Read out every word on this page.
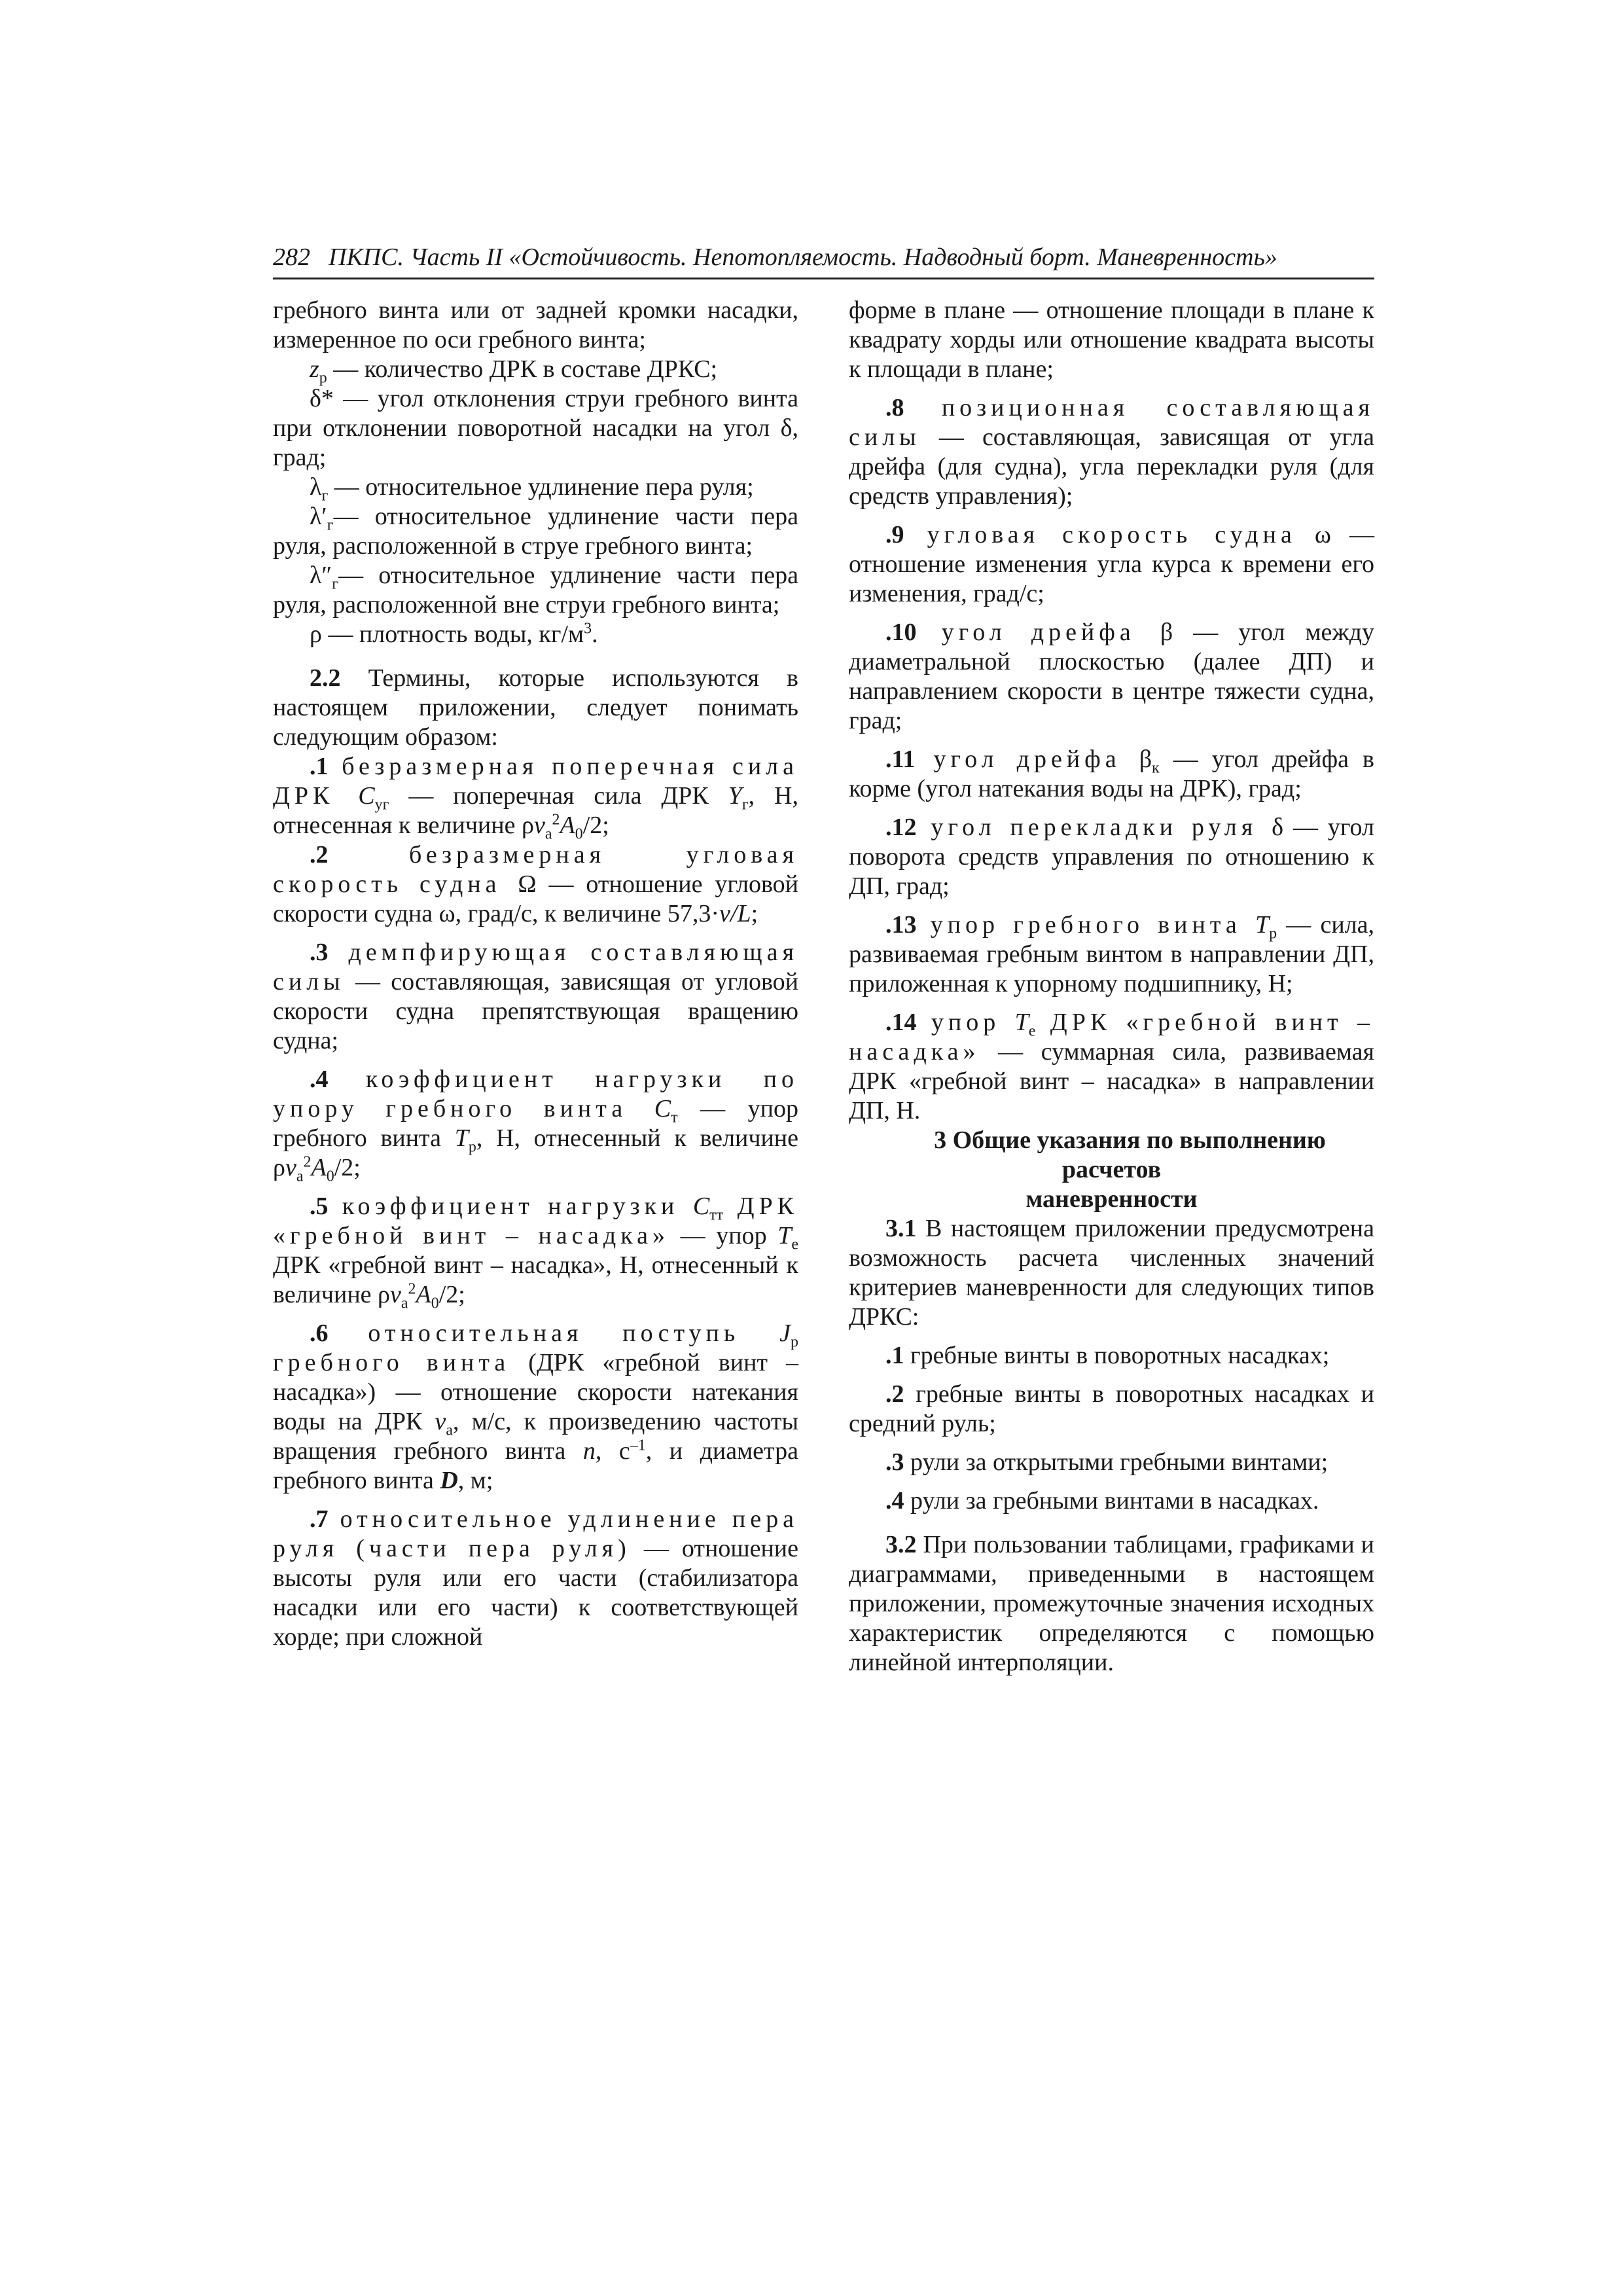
282 ПКПС. Часть II «Остойчивость. Непотопляемость. Надводный борт. Маневренность»

гребного винта или от задней кромки насадки, измеренное по оси гребного винта;

$z_р$ — количество ДРК в составе ДРКС;

δ* — угол отклонения струи гребного винта при отклонении поворотной насадки на угол δ, град;

$\lambda_г$ — относительное удлинение пера руля;

$\lambda'_г—$ относительное удлинение части пера руля, расположенной в струе гребного винта;

$\lambda''_г—$ относительное удлинение части пера руля, расположенной вне струи гребного винта;

ρ — плотность воды, $кг/м^3$.

2.2 Термины, которые используются в настоящем приложении, следует понимать следующим образом:

.1 безразмерная поперечная сила ДРК $C_{уг}$ — поперечная сила ДРК $Y_г$, Н, отнесенная к величине $\rho v_а^2A_0/2$;

.2 безразмерная угловая скорость судна Ω — отношение угловой скорости судна ω, град/с, к величине 57,3·v/L;

.3 демпфирующая составляющая силы — составляющая, зависящая от угловой скорости судна препятствующая вращению судна;

.4 коэффициент нагрузки по упору гребного винта $C_т$ — упор гребного винта $T_р$, Н, отнесенный к величине $\rho v_а^2A_0/2$;

.5 коэффициент нагрузки $C_{тт}$ ДРК «гребной винт – насадка» — упор $T_е$ ДРК «гребной винт – насадка», Н, отнесенный к величине $\rho v_а^2A_0/2$;

.6 относительная поступь $J_р$ гребного винта (ДРК «гребной винт – насадка») — отношение скорости натекания воды на ДРК $v_а$, м/с, к произведению частоты вращения гребного винта n, $с^{-1}$, и диаметра гребного винта D, м;

.7 относительное удлинение пера руля (части пера руля) — отношение высоты руля или его части (стабилизатора насадки или его части) к соответствующей хорде; при сложной

форме в плане — отношение площади в плане к квадрату хорды или отношение квадрата высоты к площади в плане;

.8 позиционная составляющая силы — составляющая, зависящая от угла дрейфа (для судна), угла перекладки руля (для средств управления);

.9 угловая скорость судна ω — отношение изменения угла курса к времени его изменения, град/с;

.10 угол дрейфа β — угол между диаметральной плоскостью (далее ДП) и направлением скорости в центре тяжести судна, град;

.11 угол дрейфа $\beta_к$ — угол дрейфа в корме (угол натекания воды на ДРК), град;

.12 угол перекладки руля δ — угол поворота средств управления по отношению к ДП, град;

.13 упор гребного винта $T_р$ — сила, развиваемая гребным винтом в направлении ДП, приложенная к упорному подшипнику, Н;

.14 упор $T_е$ ДРК «гребной винт – насадка» — суммарная сила, развиваемая ДРК «гребной винт – насадка» в направлении ДП, Н.

3 Общие указания по выполнению расчетов
маневренности

3.1 В настоящем приложении предусмотрена возможность расчета численных значений критериев маневренности для следующих типов ДРКС:

.1 гребные винты в поворотных насадках;

.2 гребные винты в поворотных насадках и средний руль;

.3 рули за открытыми гребными винтами;

.4 рули за гребными винтами в насадках.

3.2 При пользовании таблицами, графиками и диаграммами, приведенными в настоящем приложении, промежуточные значения исходных характеристик определяются с помощью линейной интерполяции.
